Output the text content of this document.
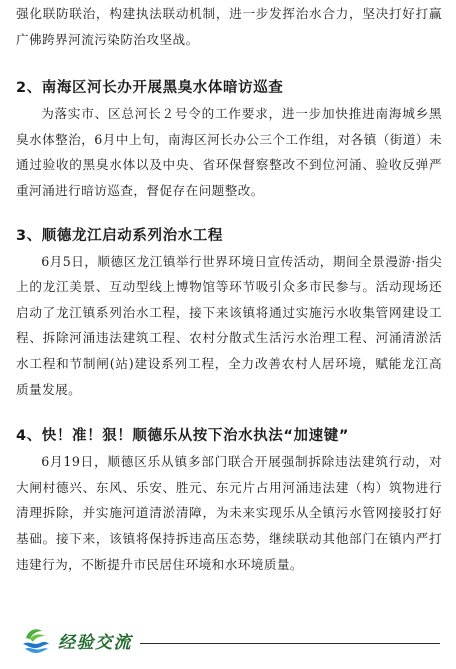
强化联防联治，构建执法联动机制，进一步发挥治水合力，坚决打好打赢广佛跨界河流污染防治攻坚战。

2、南海区河长办开展黑臭水体暗访巡查

为落实市、区总河长２号令的工作要求，进一步加快推进南海城乡黑臭水体整治，6月中上旬，南海区河长办公三个工作组，对各镇（街道）未通过验收的黑臭水体以及中央、省环保督察整改不到位河涌、验收反弹严重河涌进行暗访巡查，督促存在问题整改。

3、顺德龙江启动系列治水工程

6月5日，顺德区龙江镇举行世界环境日宣传活动，期间全景漫游·指尖上的龙江美景、互动型线上博物馆等环节吸引众多市民参与。活动现场还启动了龙江镇系列治水工程，接下来该镇将通过实施污水收集管网建设工程、拆除河涌违法建筑工程、农村分散式生活污水治理工程、河涌清淤活水工程和节制闸(站)建设系列工程，全力改善农村人居环境，赋能龙江高质量发展。

4、快！准！狠！顺德乐从按下治水执法“加速键”

6月19日，顺德区乐从镇多部门联合开展强制拆除违法建筑行动，对大闸村德兴、东风、乐安、胜元、东元片占用河涌违法建（构）筑物进行清理拆除，并实施河道清淤清障，为未来实现乐从全镇污水管网接驳打好基础。接下来，该镇将保持拆违高压态势，继续联动其他部门在镇内严打违建行为，不断提升市民居住环境和水环境质量。

经验交流
